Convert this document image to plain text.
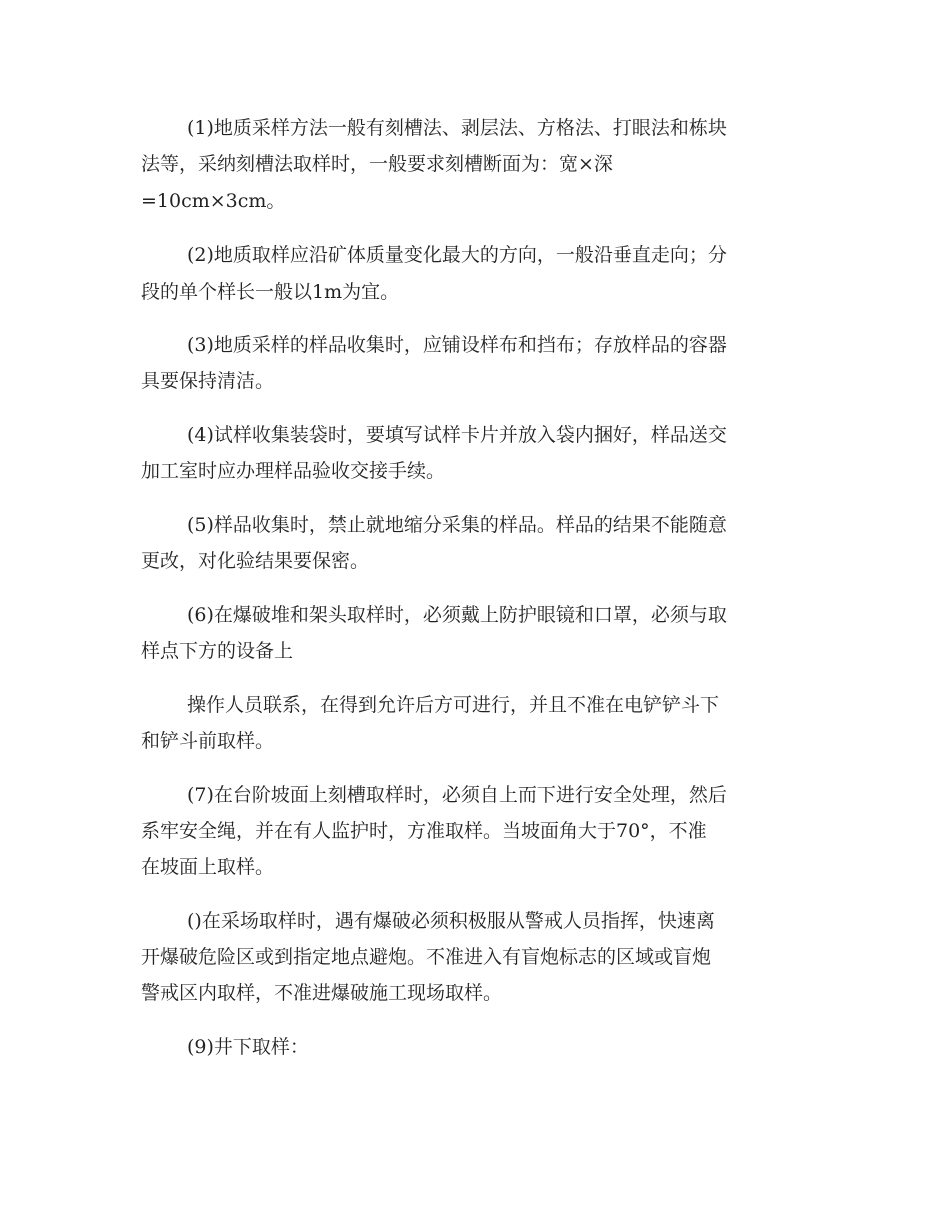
(1)地质采样方法一般有刻槽法、剥层法、方格法、打眼法和栋块
法等，采纳刻槽法取样时，一般要求刻槽断面为：宽×深
=10cm×3cm。
(2)地质取样应沿矿体质量变化最大的方向，一般沿垂直走向；分
段的单个样长一般以1m为宜。
(3)地质采样的样品收集时，应铺设样布和挡布；存放样品的容器
具要保持清洁。
(4)试样收集装袋时，要填写试样卡片并放入袋内捆好，样品送交
加工室时应办理样品验收交接手续。
(5)样品收集时，禁止就地缩分采集的样品。样品的结果不能随意
更改，对化验结果要保密。
(6)在爆破堆和架头取样时，必须戴上防护眼镜和口罩，必须与取
样点下方的设备上
操作人员联系，在得到允许后方可进行，并且不准在电铲铲斗下
和铲斗前取样。
(7)在台阶坡面上刻槽取样时，必须自上而下进行安全处理，然后
系牢安全绳，并在有人监护时，方准取样。当坡面角大于70°，不准
在坡面上取样。
()在采场取样时，遇有爆破必须积极服从警戒人员指挥，快速离
开爆破危险区或到指定地点避炮。不准进入有盲炮标志的区域或盲炮
警戒区内取样，不准进爆破施工现场取样。
(9)井下取样：
